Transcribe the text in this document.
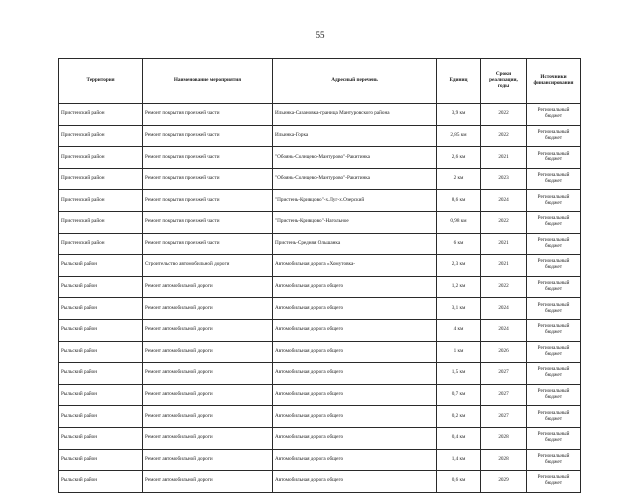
55
Территория	Наименование мероприятия	Адресный перечень	Единиц	Сроки реализации, годы	Источники финансирования
Пристенский район	Ремонт покрытия проезжей части	Ильинка-Сазановка-граница Мантуровского района	3,9 км	2022	Региональный бюджет
Пристенский район	Ремонт покрытия проезжей части	Ильинка-Горка	2,85 км	2022	Региональный бюджет
Пристенский район	Ремонт покрытия проезжей части	"Обоянь-Солнцево-Мантурово"-Ракитинка	2,6 км	2021	Региональный бюджет
Пристенский район	Ремонт покрытия проезжей части	"Обоянь-Солнцево-Мантурово"-Ракитинка	2 км	2023	Региональный бюджет
Пристенский район	Ремонт покрытия проезжей части	"Пристень-Кривцово"-х.Луг-х.Озерский	8,6 км	2024	Региональный бюджет
Пристенский район	Ремонт покрытия проезжей части	"Пристень-Кривцово"-Нагольное	0,98 км	2022	Региональный бюджет
Пристенский район	Ремонт покрытия проезжей части	Пристень-Средняя Ольшанка	6 км	2021	Региональный бюджет
Рыльский район	Строительство автомобильной дороги	Автомобильная дорога «Хомутовка-	2,3 км	2021	Региональный бюджет
Рыльский район	Ремонт автомобильной дороги	Автомобильная дорога общего	1,2 км	2022	Региональный бюджет
Рыльский район	Ремонт автомобильной дороги	Автомобильная дорога общего	3,1 км	2024	Региональный бюджет
Рыльский район	Ремонт автомобильной дороги	Автомобильная дорога общего	4 км	2024	Региональный бюджет
Рыльский район	Ремонт автомобильной дороги	Автомобильная дорога общего	1 км	2026	Региональный бюджет
Рыльский район	Ремонт автомобильной дороги	Автомобильная дорога общего	1,5 км	2027	Региональный бюджет
Рыльский район	Ремонт автомобильной дороги	Автомобильная дорога общего	0,7 км	2027	Региональный бюджет
Рыльский район	Ремонт автомобильной дороги	Автомобильная дорога общего	0,2 км	2027	Региональный бюджет
Рыльский район	Ремонт автомобильной дороги	Автомобильная дорога общего	0,4 км	2028	Региональный бюджет
Рыльский район	Ремонт автомобильной дороги	Автомобильная дорога общего	1,4 км	2028	Региональный бюджет
Рыльский район	Ремонт автомобильной дороги	Автомобильная дорога общего	0,6 км	2029	Региональный бюджет
